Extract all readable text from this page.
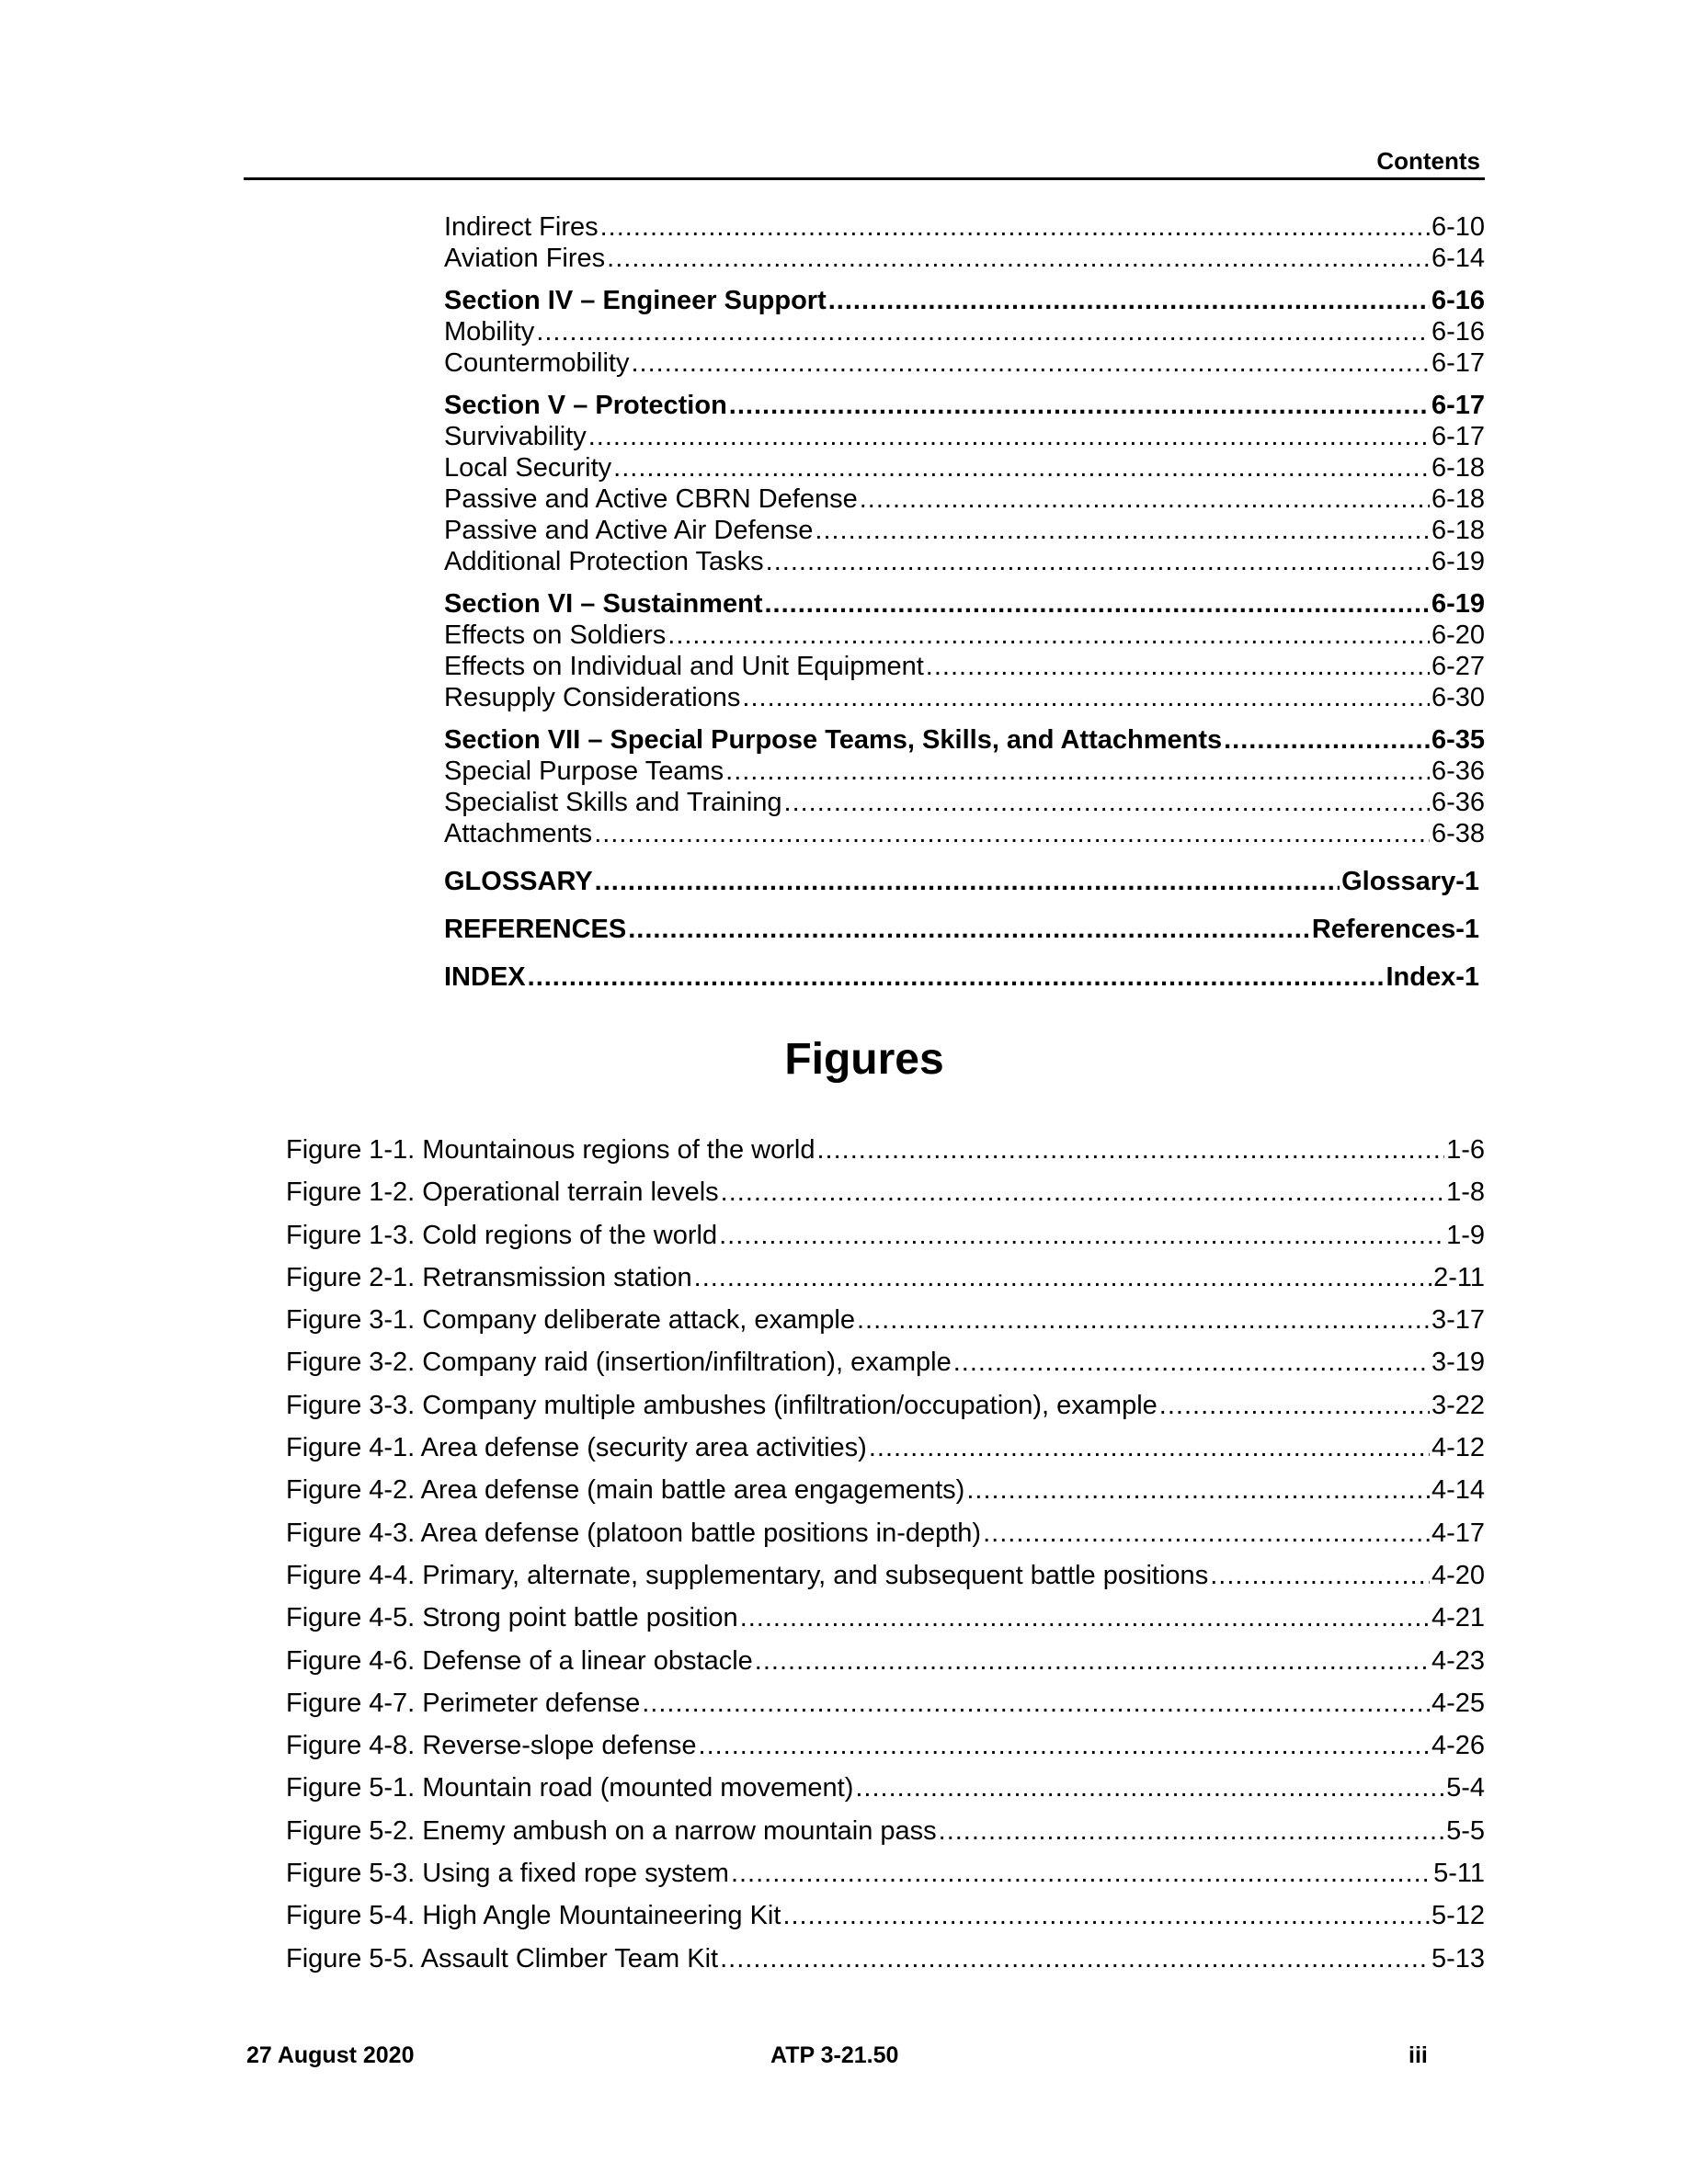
Contents
Indirect Fires .....	6-10
Aviation Fires .....	6-14
Section IV – Engineer Support .....	6-16
Mobility .....	6-16
Countermobility .....	6-17
Section V – Protection .....	6-17
Survivability .....	6-17
Local Security .....	6-18
Passive and Active CBRN Defense .....	6-18
Passive and Active Air Defense .....	6-18
Additional Protection Tasks .....	6-19
Section VI – Sustainment .....	6-19
Effects on Soldiers .....	6-20
Effects on Individual and Unit Equipment .....	6-27
Resupply Considerations .....	6-30
Section VII – Special Purpose Teams, Skills, and Attachments .....	6-35
Special Purpose Teams .....	6-36
Specialist Skills and Training .....	6-36
Attachments .....	6-38
GLOSSARY .....	Glossary-1
REFERENCES .....	References-1
INDEX .....	Index-1
Figures
Figure 1-1. Mountainous regions of the world .....	1-6
Figure 1-2. Operational terrain levels .....	1-8
Figure 1-3. Cold regions of the world .....	1-9
Figure 2-1. Retransmission station .....	2-11
Figure 3-1. Company deliberate attack, example .....	3-17
Figure 3-2. Company raid (insertion/infiltration), example .....	3-19
Figure 3-3. Company multiple ambushes (infiltration/occupation), example .....	3-22
Figure 4-1. Area defense (security area activities) .....	4-12
Figure 4-2. Area defense (main battle area engagements) .....	4-14
Figure 4-3. Area defense (platoon battle positions in-depth) .....	4-17
Figure 4-4. Primary, alternate, supplementary, and subsequent battle positions .....	4-20
Figure 4-5. Strong point battle position .....	4-21
Figure 4-6. Defense of a linear obstacle .....	4-23
Figure 4-7. Perimeter defense .....	4-25
Figure 4-8. Reverse-slope defense .....	4-26
Figure 5-1. Mountain road (mounted movement) .....	5-4
Figure 5-2. Enemy ambush on a narrow mountain pass .....	5-5
Figure 5-3. Using a fixed rope system .....	5-11
Figure 5-4. High Angle Mountaineering Kit .....	5-12
Figure 5-5. Assault Climber Team Kit .....	5-13
27 August 2020	ATP 3-21.50	iii
